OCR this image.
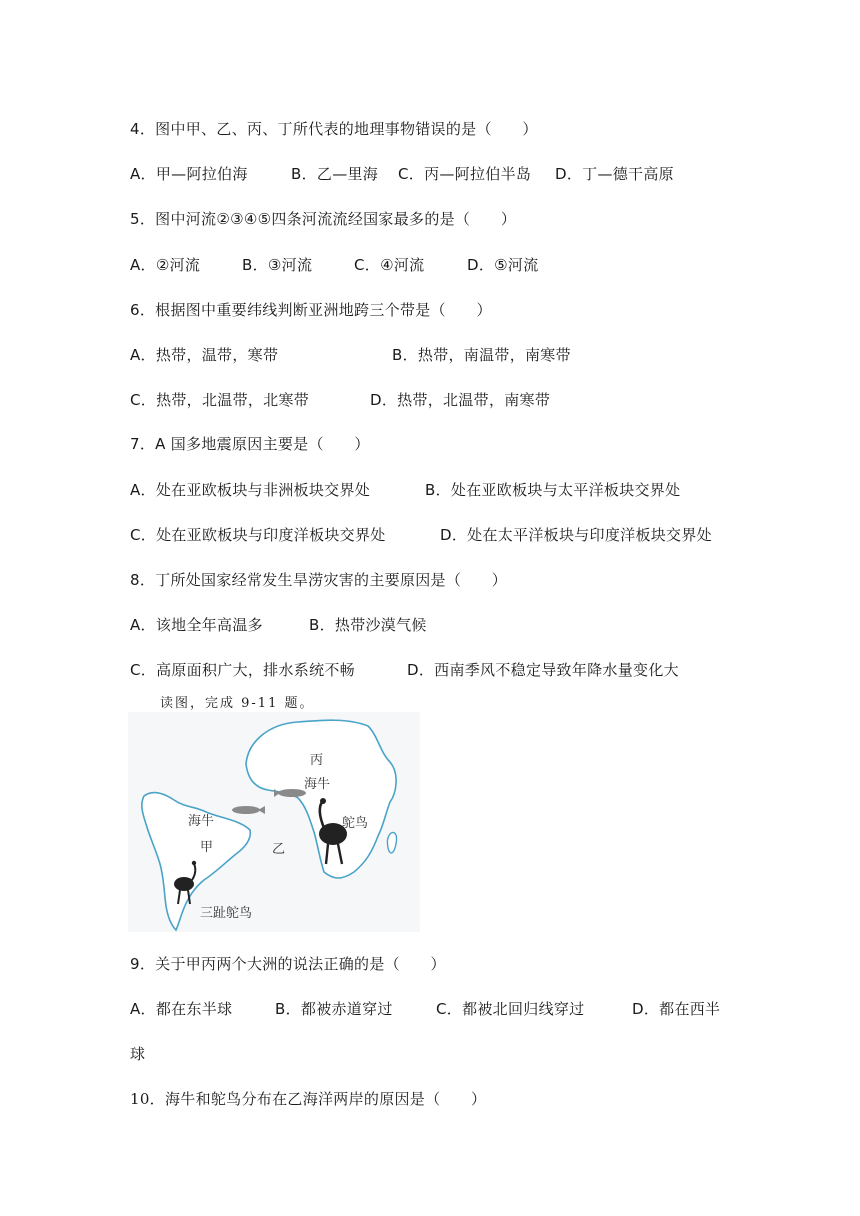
4．图中甲、乙、丙、丁所代表的地理事物错误的是（　　）
A．甲—阿拉伯海	B．乙—里海 C．丙—阿拉伯半岛 D．丁—德干高原
5．图中河流②③④⑤四条河流流经国家最多的是（　　）
A．②河流	B．③河流	C．④河流	D．⑤河流
6．根据图中重要纬线判断亚洲地跨三个带是（　　）
A．热带，温带，寒带	B．热带，南温带，南寒带
C．热带，北温带，北寒带	D．热带，北温带，南寒带
7．A 国多地震原因主要是（　　）
A．处在亚欧板块与非洲板块交界处	B．处在亚欧板块与太平洋板块交界处
C．处在亚欧板块与印度洋板块交界处	D．处在太平洋板块与印度洋板块交界处
8．丁所处国家经常发生旱涝灾害的主要原因是（　　）
A．该地全年高温多	B．热带沙漠气候
C．高原面积广大，排水系统不畅	D．西南季风不稳定导致年降水量变化大
读图，完成 9-11 题。
丙
海牛
鸵鸟
海牛
甲	乙
三趾鸵鸟
9．关于甲丙两个大洲的说法正确的是（　　）
A．都在东半球	B．都被赤道穿过	C．都被北回归线穿过	D．都在西半
球
10．海牛和鸵鸟分布在乙海洋两岸的原因是（　　）
